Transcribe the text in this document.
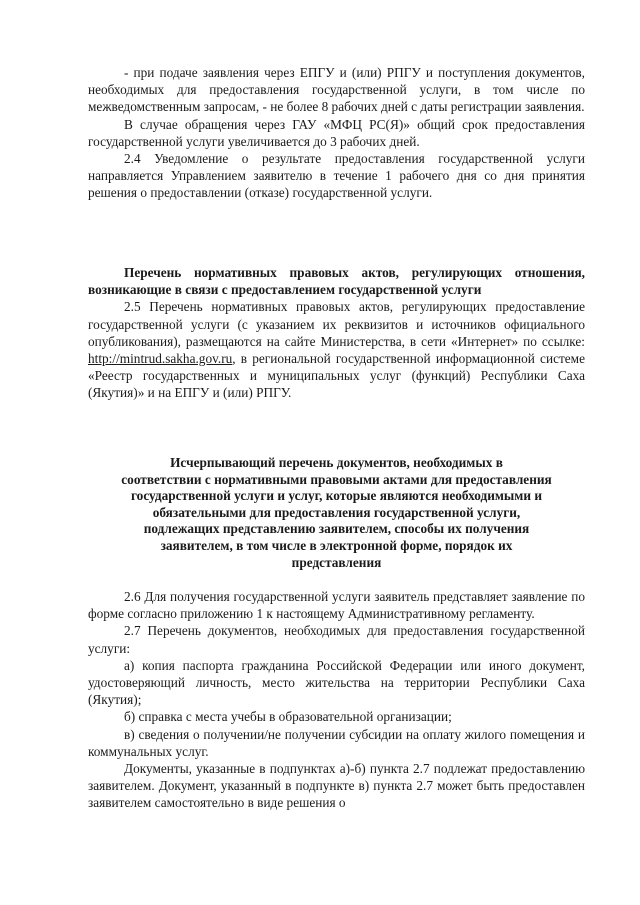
- при подаче заявления через ЕПГУ и (или) РПГУ и поступления документов, необходимых для предоставления государственной услуги, в том числе по межведомственным запросам, - не более 8 рабочих дней с даты регистрации заявления.

В случае обращения через ГАУ «МФЦ РС(Я)» общий срок предоставления государственной услуги увеличивается до 3 рабочих дней.

2.4 Уведомление о результате предоставления государственной услуги направляется Управлением заявителю в течение 1 рабочего дня со дня принятия решения о предоставлении (отказе) государственной услуги.

Перечень нормативных правовых актов, регулирующих отношения, возникающие в связи с предоставлением государственной услуги

2.5 Перечень нормативных правовых актов, регулирующих предоставление государственной услуги (с указанием их реквизитов и источников официального опубликования), размещаются на сайте Министерства, в сети «Интернет» по ссылке: http://mintrud.sakha.gov.ru, в региональной государственной информационной системе «Реестр государственных и муниципальных услуг (функций) Республики Саха (Якутия)» и на ЕПГУ и (или) РПГУ.

Исчерпывающий перечень документов, необходимых в
соответствии с нормативными правовыми актами для предоставления
государственной услуги и услуг, которые являются необходимыми и
обязательными для предоставления государственной услуги,
подлежащих представлению заявителем, способы их получения
заявителем, в том числе в электронной форме, порядок их
представления

2.6 Для получения государственной услуги заявитель представляет заявление по форме согласно приложению 1 к настоящему Административному регламенту.

2.7 Перечень документов, необходимых для предоставления государственной услуги:

а) копия паспорта гражданина Российской Федерации или иного документ, удостоверяющий личность, место жительства на территории Республики Саха (Якутия);

б) справка с места учебы в образовательной организации;

в) сведения о получении/не получении субсидии на оплату жилого помещения и коммунальных услуг.

Документы, указанные в подпунктах а)-б) пункта 2.7 подлежат предоставлению заявителем. Документ, указанный в подпункте в) пункта 2.7 может быть предоставлен заявителем самостоятельно в виде решения о
